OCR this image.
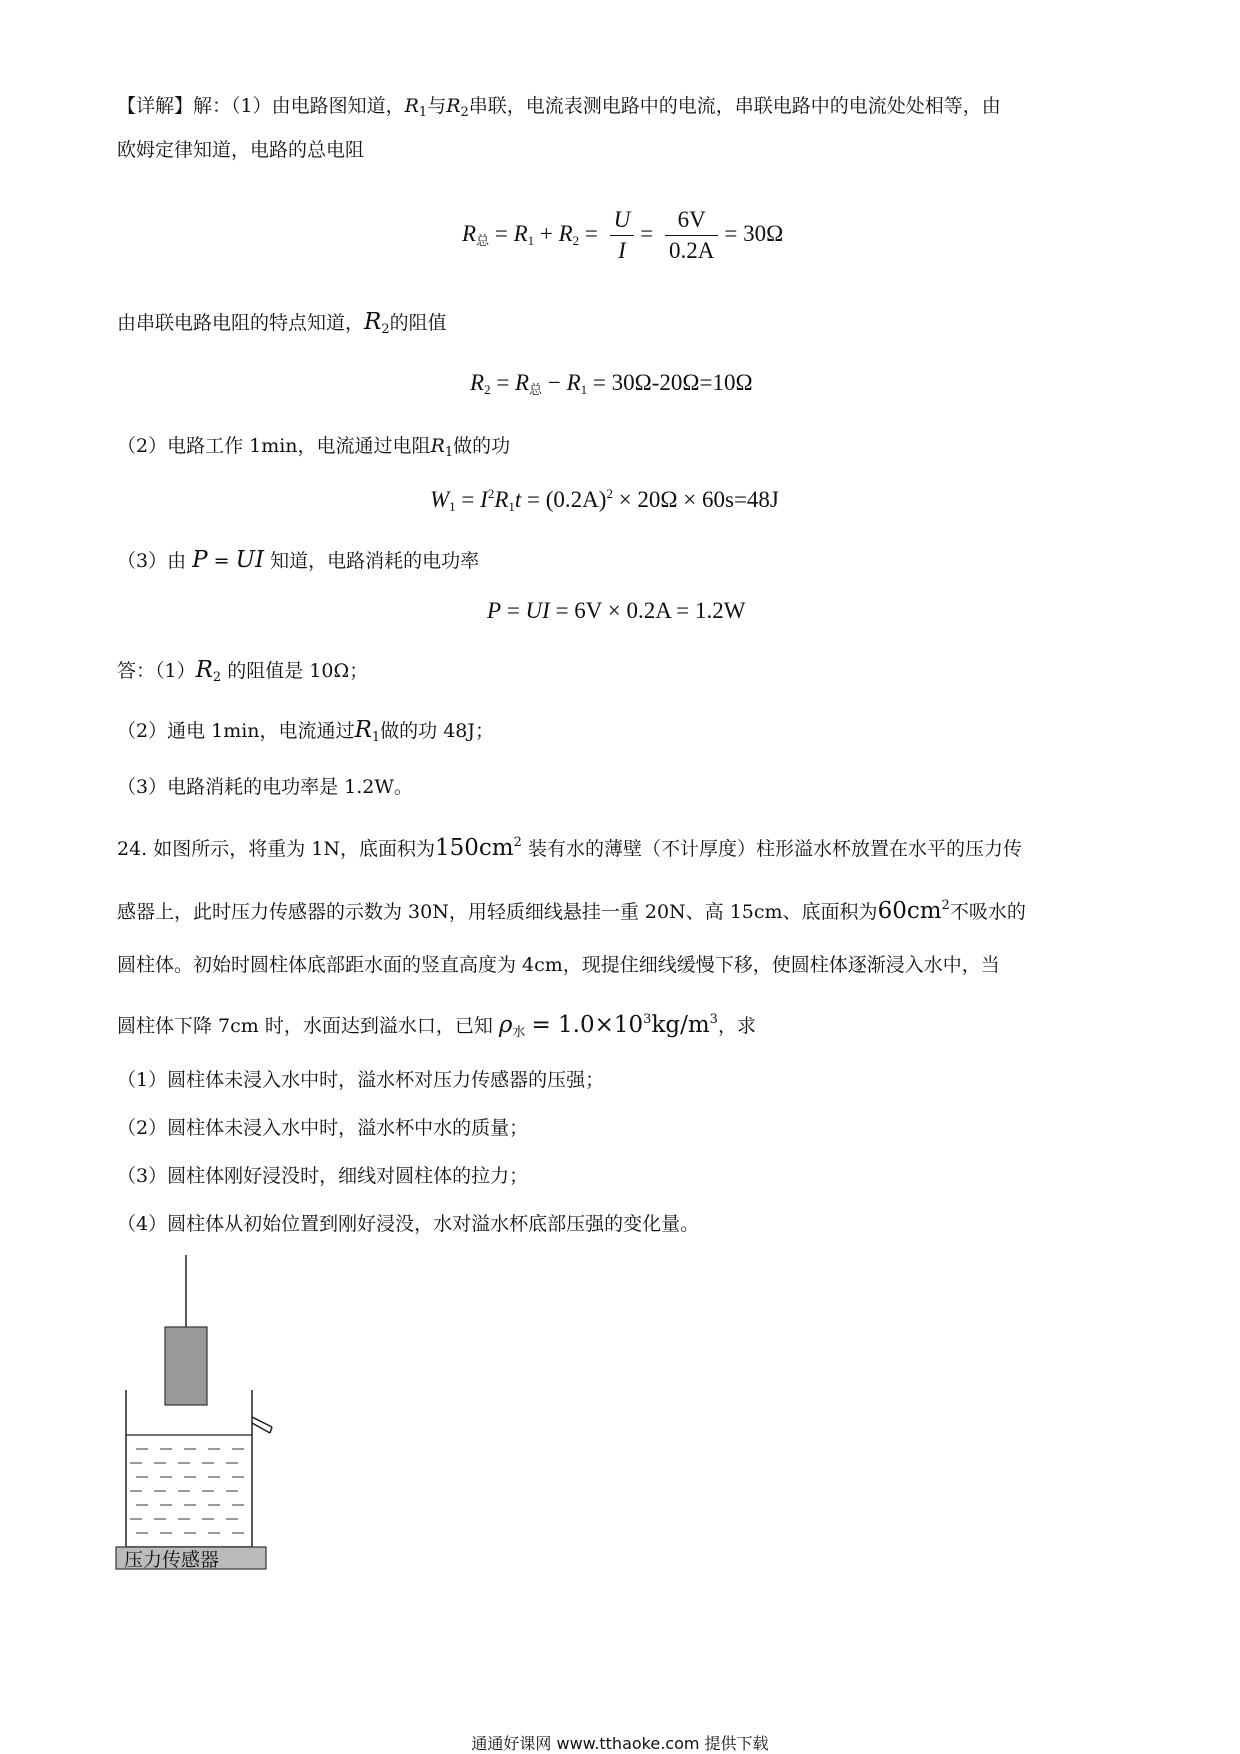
【详解】解：（1）由电路图知道，$R_1$与$R_2$串联，电流表测电路中的电流，串联电路中的电流处处相等，由
欧姆定律知道，电路的总电阻
$R_总 = R_1 + R_2 = \frac{U}{I} = \frac{6V}{0.2A} = 30\Omega$
由串联电路电阻的特点知道，$R_2$的阻值
$R_2 = R_总 - R_1 = 30\Omega-20\Omega=10\Omega$
（2）电路工作 1min，电流通过电阻$R_1$做的功
$W_1 = I^2R_1t = (0.2A)^2 \times 20\Omega \times 60s=48J$
（3）由 P = UI 知道，电路消耗的电功率
P = UI = 6V × 0.2A = 1.2W
答：$(1)R_2$ 的阻值是 10Ω；
（2）通电 1min，电流通过$R_1$做的功 48J；
（3）电路消耗的电功率是 1.2W。
24. 如图所示，将重为 1N，底面积为$150cm^2$ 装有水的薄壁（不计厚度）柱形溢水杯放置在水平的压力传
感器上，此时压力传感器的示数为 30N，用轻质细线悬挂一重 20N、高 15cm、底面积为$60cm^2$不吸水的
圆柱体。初始时圆柱体底部距水面的竖直高度为 4cm，现提住细线缓慢下移，使圆柱体逐渐浸入水中，当
圆柱体下降 7cm 时，水面达到溢水口，已知 $\rho_水 = 1.0\times 10^3kg/m^3$，求
（1）圆柱体未浸入水中时，溢水杯对压力传感器的压强；
（2）圆柱体未浸入水中时，溢水杯中水的质量；
（3）圆柱体刚好浸没时，细线对圆柱体的拉力；
（4）圆柱体从初始位置到刚好浸没，水对溢水杯底部压强的变化量。
压力传感器
通通好课网 www.tthaoke.com 提供下载
